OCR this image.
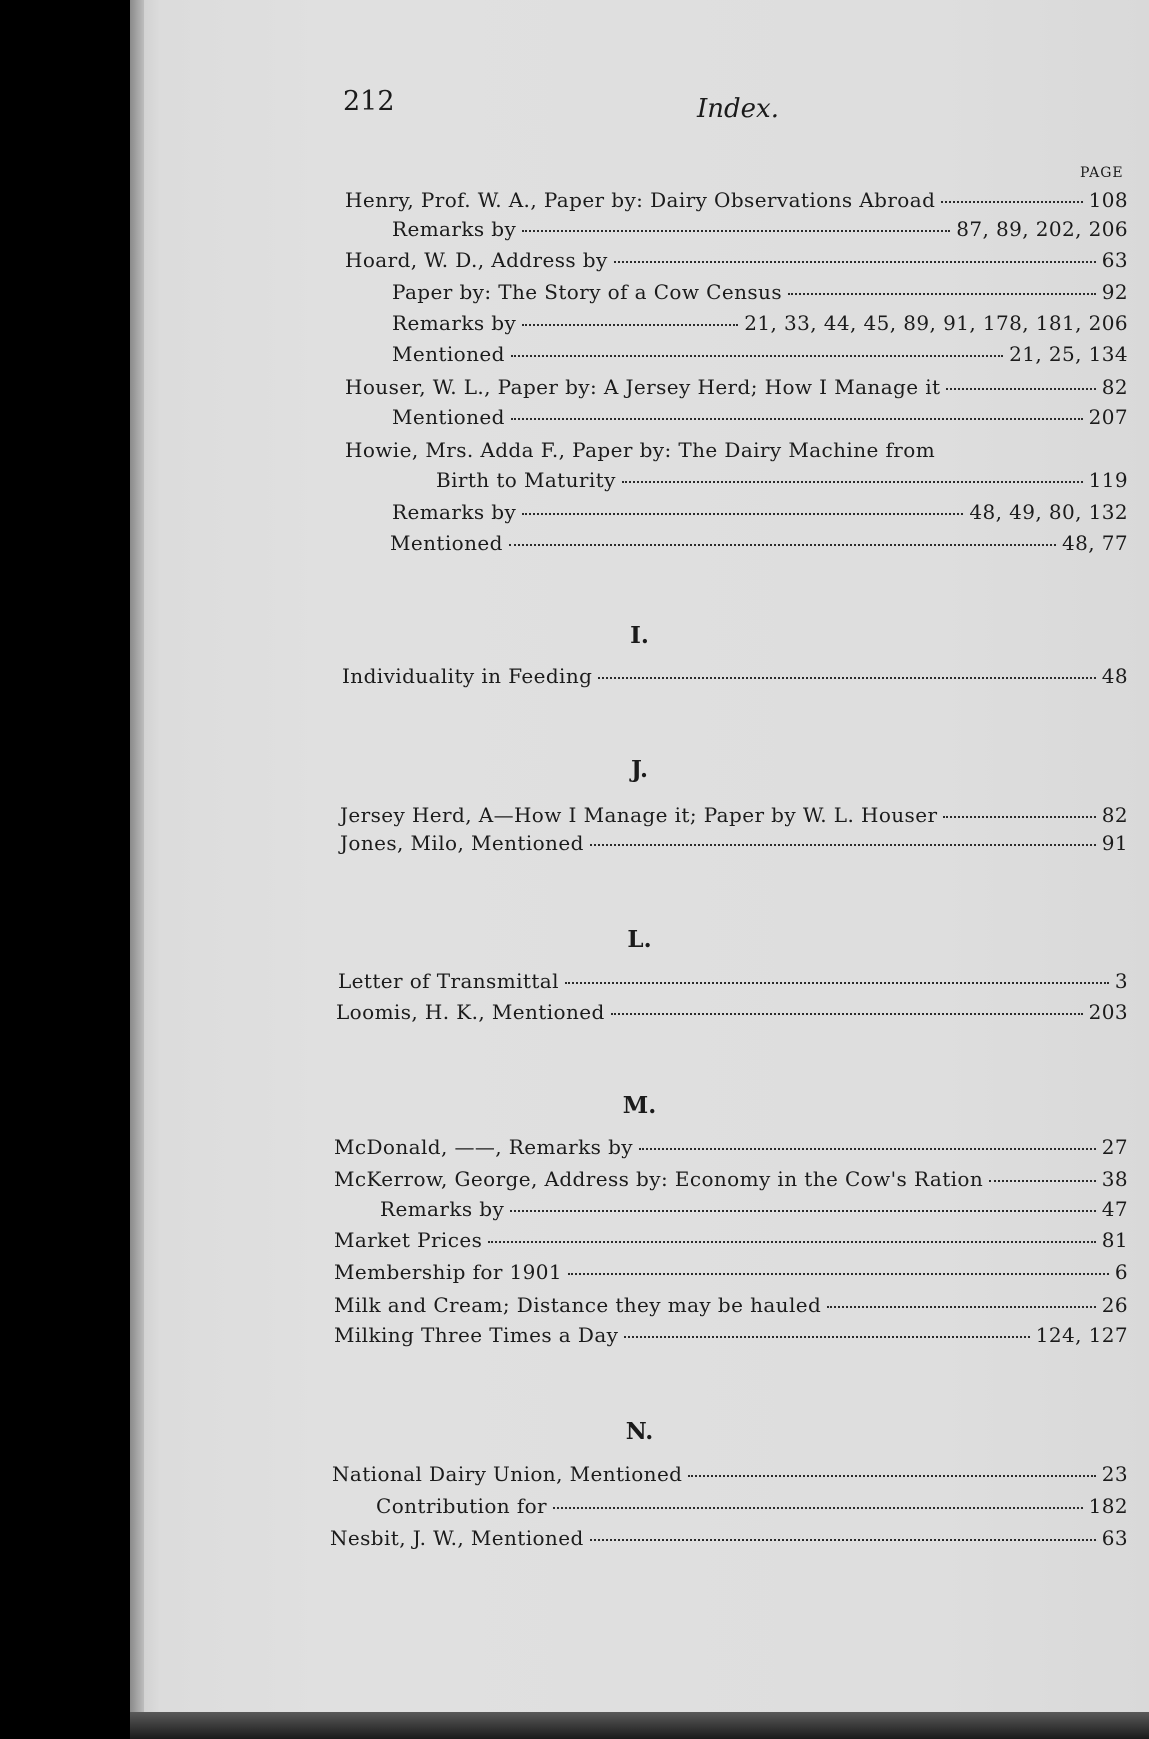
212	Index.
PAGE
Henry, Prof. W. A., Paper by: Dairy Observations Abroad	108
Remarks by	87, 89, 202, 206
Hoard, W. D., Address by	63
Paper by: The Story of a Cow Census	92
Remarks by	21, 33, 44, 45, 89, 91, 178, 181, 206
Mentioned	21, 25, 134
Houser, W. L., Paper by: A Jersey Herd; How I Manage it	82
Mentioned	207
Howie, Mrs. Adda F., Paper by: The Dairy Machine from
Birth to Maturity	119
Remarks by	48, 49, 80, 132
Mentioned	48, 77
I.
Individuality in Feeding	48
J.
Jersey Herd, A—How I Manage it; Paper by W. L. Houser	82
Jones, Milo, Mentioned	91
L.
Letter of Transmittal	3
Loomis, H. K., Mentioned	203
M.
McDonald, ——, Remarks by	27
McKerrow, George, Address by: Economy in the Cow's Ration	38
Remarks by	47
Market Prices	81
Membership for 1901	6
Milk and Cream; Distance they may be hauled	26
Milking Three Times a Day	124, 127
N.
National Dairy Union, Mentioned	23
Contribution for	182
Nesbit, J. W., Mentioned	63
